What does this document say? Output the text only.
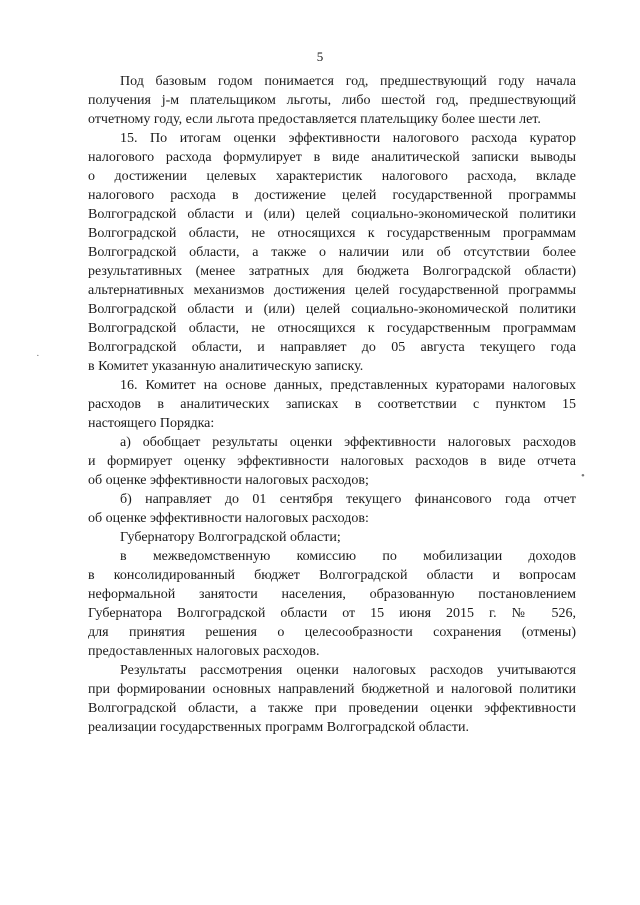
5
Под базовым годом понимается год, предшествующий году начала
получения j-м плательщиком льготы, либо шестой год, предшествующий
отчетному году, если льгота предоставляется плательщику более шести лет.
15. По итогам оценки эффективности налогового расхода куратор
налогового расхода формулирует в виде аналитической записки выводы
о достижении целевых характеристик налогового расхода, вкладе
налогового расхода в достижение целей государственной программы
Волгоградской области и (или) целей социально-экономической политики
Волгоградской области, не относящихся к государственным программам
Волгоградской области, а также о наличии или об отсутствии более
результативных (менее затратных для бюджета Волгоградской области)
альтернативных механизмов достижения целей государственной программы
Волгоградской области и (или) целей социально-экономической политики
Волгоградской области, не относящихся к государственным программам
Волгоградской области, и направляет до 05 августа текущего года
в Комитет указанную аналитическую записку.
16. Комитет на основе данных, представленных кураторами налоговых
расходов в аналитических записках в соответствии с пунктом 15
настоящего Порядка:
а) обобщает результаты оценки эффективности налоговых расходов
и формирует оценку эффективности налоговых расходов в виде отчета
об оценке эффективности налоговых расходов;
б) направляет до 01 сентября текущего финансового года отчет
об оценке эффективности налоговых расходов:
Губернатору Волгоградской области;
в межведомственную комиссию по мобилизации доходов
в консолидированный бюджет Волгоградской области и вопросам
неформальной занятости населения, образованную постановлением
Губернатора Волгоградской области от 15 июня 2015 г. № 526,
для принятия решения о целесообразности сохранения (отмены)
предоставленных налоговых расходов.
Результаты рассмотрения оценки налоговых расходов учитываются
при формировании основных направлений бюджетной и налоговой политики
Волгоградской области, а также при проведении оценки эффективности
реализации государственных программ Волгоградской области.
•
·
